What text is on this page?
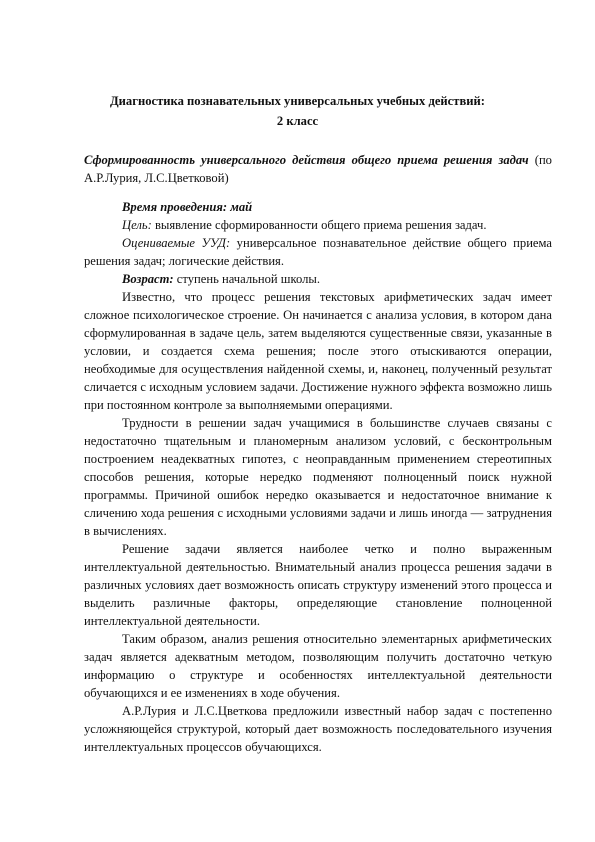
Диагностика познавательных универсальных учебных действий:
2 класс
Сформированность универсального действия общего приема решения задач (по А.Р.Лурия, Л.С.Цветковой)

Время проведения: май

Цель: выявление сформированности общего приема решения задач.

Оцениваемые УУД: универсальное познавательное действие общего приема решения задач; логические действия.

Возраст: ступень начальной школы.

Известно, что процесс решения текстовых арифметических задач имеет сложное психологическое строение. Он начинается с анализа условия, в котором дана сформулированная в задаче цель, затем выделяются существенные связи, указанные в условии, и создается схема решения; после этого отыскиваются операции, необходимые для осуществления найденной схемы, и, наконец, полученный результат сличается с исходным условием задачи. Достижение нужного эффекта возможно лишь при постоянном контроле за выполняемыми операциями.

Трудности в решении задач учащимися в большинстве случаев связаны с недостаточно тщательным и планомерным анализом условий, с бесконтрольным построением неадекватных гипотез, с неоправданным применением стереотипных способов решения, которые нередко подменяют полноценный поиск нужной программы. Причиной ошибок нередко оказывается и недостаточное внимание к сличению хода решения с исходными условиями задачи и лишь иногда — затруднения в вычислениях.

Решение задачи является наиболее четко и полно выраженным интеллектуальной деятельностью. Внимательный анализ процесса решения задачи в различных условиях дает возможность описать структуру изменений этого процесса и выделить различные факторы, определяющие становление полноценной интеллектуальной деятельности.

Таким образом, анализ решения относительно элементарных арифметических задач является адекватным методом, позволяющим получить достаточно четкую информацию о структуре и особенностях интеллектуальной деятельности обучающихся и ее изменениях в ходе обучения.

А.Р.Лурия и Л.С.Цветкова предложили известный набор задач с постепенно усложняющейся структурой, который дает возможность последовательного изучения интеллектуальных процессов обучающихся.
